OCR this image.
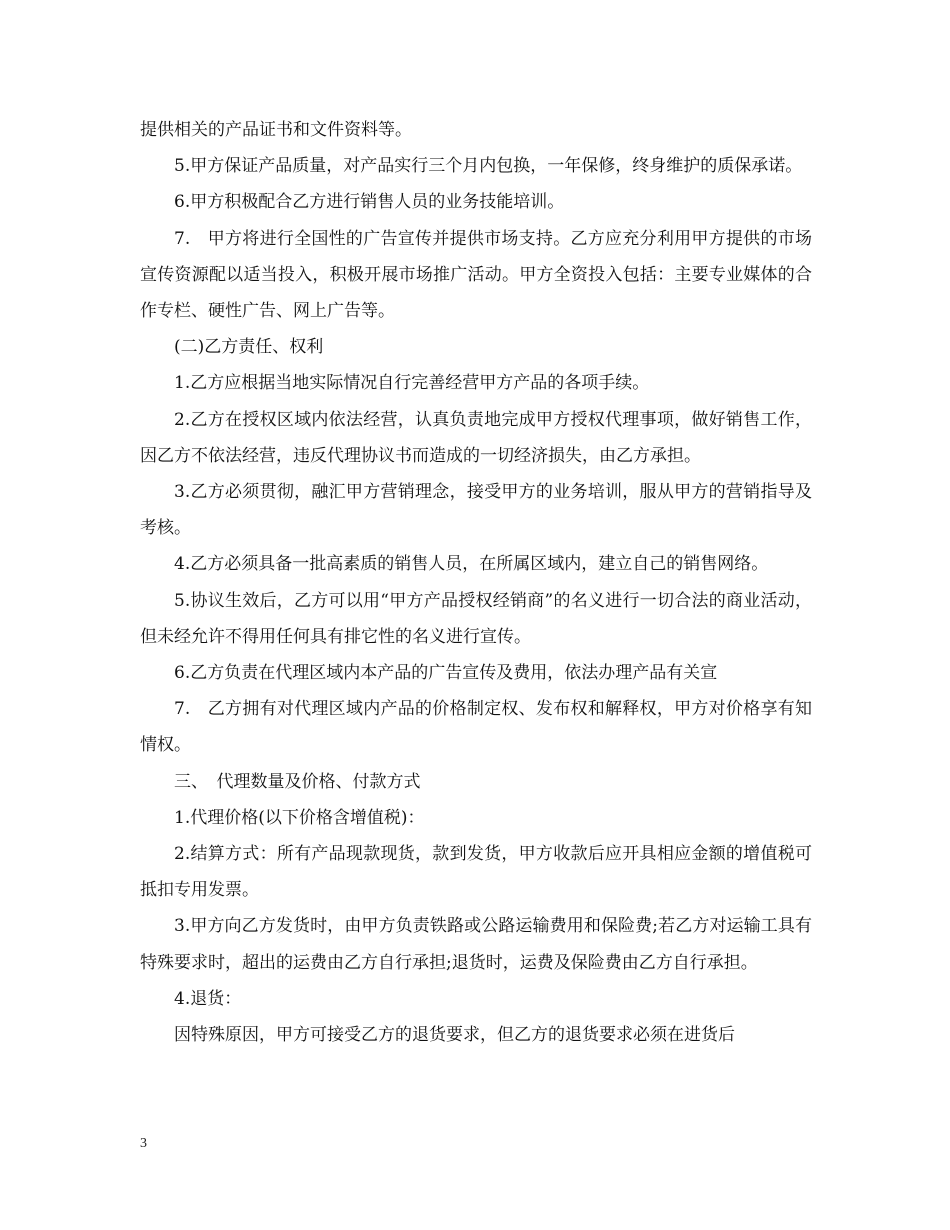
提供相关的产品证书和文件资料等。

5.甲方保证产品质量，对产品实行三个月内包换，一年保修，终身维护的质保承诺。

6.甲方积极配合乙方进行销售人员的业务技能培训。

7.　甲方将进行全国性的广告宣传并提供市场支持。乙方应充分利用甲方提供的市场宣传资源配以适当投入，积极开展市场推广活动。甲方全资投入包括：主要专业媒体的合作专栏、硬性广告、网上广告等。

(二)乙方责任、权利

1.乙方应根据当地实际情况自行完善经营甲方产品的各项手续。

2.乙方在授权区域内依法经营，认真负责地完成甲方授权代理事项，做好销售工作，因乙方不依法经营，违反代理协议书而造成的一切经济损失，由乙方承担。

3.乙方必须贯彻，融汇甲方营销理念，接受甲方的业务培训，服从甲方的营销指导及考核。

4.乙方必须具备一批高素质的销售人员，在所属区域内，建立自己的销售网络。

5.协议生效后，乙方可以用“甲方产品授权经销商”的名义进行一切合法的商业活动，但未经允许不得用任何具有排它性的名义进行宣传。

6.乙方负责在代理区域内本产品的广告宣传及费用，依法办理产品有关宣

7.　乙方拥有对代理区域内产品的价格制定权、发布权和解释权，甲方对价格享有知情权。

三、　代理数量及价格、付款方式

1.代理价格(以下价格含增值税)：

2.结算方式：所有产品现款现货，款到发货，甲方收款后应开具相应金额的增值税可抵扣专用发票。

3.甲方向乙方发货时，由甲方负责铁路或公路运输费用和保险费;若乙方对运输工具有特殊要求时，超出的运费由乙方自行承担;退货时，运费及保险费由乙方自行承担。

4.退货：

因特殊原因，甲方可接受乙方的退货要求，但乙方的退货要求必须在进货后

3
